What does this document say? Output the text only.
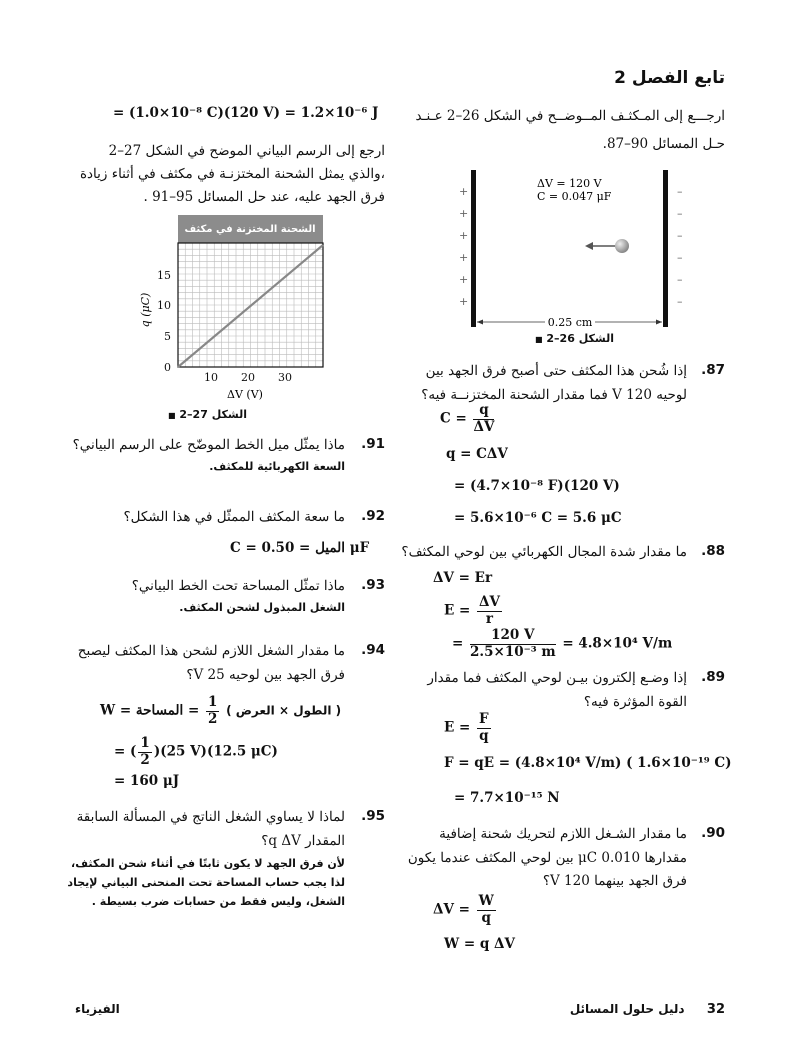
تابع الفصل 2
ارجـــع إلى المـكثـف المــوضــح في الشكل 26–2 عـنـد حـل المسائل 90–87.
+
+
+
+
+
+
–
–
–
–
–
–
ΔV = 120 V
C = 0.047 μF
0.25 cm
الشكل 26–2 ■
87.
إذا شُحن هذا المكثف حتى أصبح فرق الجهد بين لوحيه 120 V فما مقدار الشحنة المختزنــة فيه؟
$C = \frac{q}{\Delta V}$
q = CΔV
= (4.7×10⁻⁸ F)(120 V)
= 5.6×10⁻⁶ C = 5.6 μC
88.
ما مقدار شدة المجال الكهربائي بين لوحي المكثف؟
ΔV = Er
$E = \frac{\Delta V}{r}$
= $\frac{120 V}{\text{2.5×10⁻³ m}} = 4.8\times 10^4$ V/m
89.
إذا وضـع إلكترون بيـن لوحي المكثف فما مقدار القوة المؤثرة فيه؟
$E = \frac{F}{q}$
F = qE = (4.8×10⁴ V/m) ( 1.6×10⁻¹⁹ C)
= 7.7×10⁻¹⁵ N
90.
ما مقدار الشـغل اللازم لتحريك شحنة إضافية مقدارها 0.010 μC بين لوحي المكثف عندما يكون فرق الجهد بينهما 120 V؟
$\Delta V = \frac{W}{q}$
W = q ΔV
= (1.0×10⁻⁸ C)(120 V) = 1.2×10⁻⁶ J
ارجع إلى الرسم البياني الموضح في الشكل 27–2 ،والذي يمثل الشحنة المختزنـة في مكثف في أثناء زيادة فرق الجهد عليه، عند حل المسائل 95–91 .
الشحنة المختزنة في مكثف
0
5
10
15
10 20 30
ΔV (V)
q (μC)
الشكل 27–2 ■
91.
ماذا يمثّل ميل الخط الموضّح على الرسم البياني؟
السعة الكهربائية للمكثف.
92.
ما سعة المكثف الممثّل في هذا الشكل؟
C = الميل = 0.50 μF
93.
ماذا تمثّل المساحة تحت الخط البياني؟
الشغل المبذول لشحن المكثف.
94.
ما مقدار الشغل اللازم لشحن هذا المكثف ليصبح فرق الجهد بين لوحيه 25 V؟
W = المساحة = $\frac{1}{2}$ ( الطول × العرض )
= ( $\frac{1}{2} )(25$ V)(12.5 μC)
= 160 μJ
95.
لماذا لا يساوي الشغل الناتج في المسألة السابقة المقدار q ΔV؟
لأن فرق الجهد لا يكون ثابتًا في أثناء شحن المكثف، لذا يجب حساب المساحة تحت المنحنى البياني لإيجاد الشغل، وليس فقط من حسابات ضرب بسيطة .
32  دليل حلول المسائل
الفيزياء
